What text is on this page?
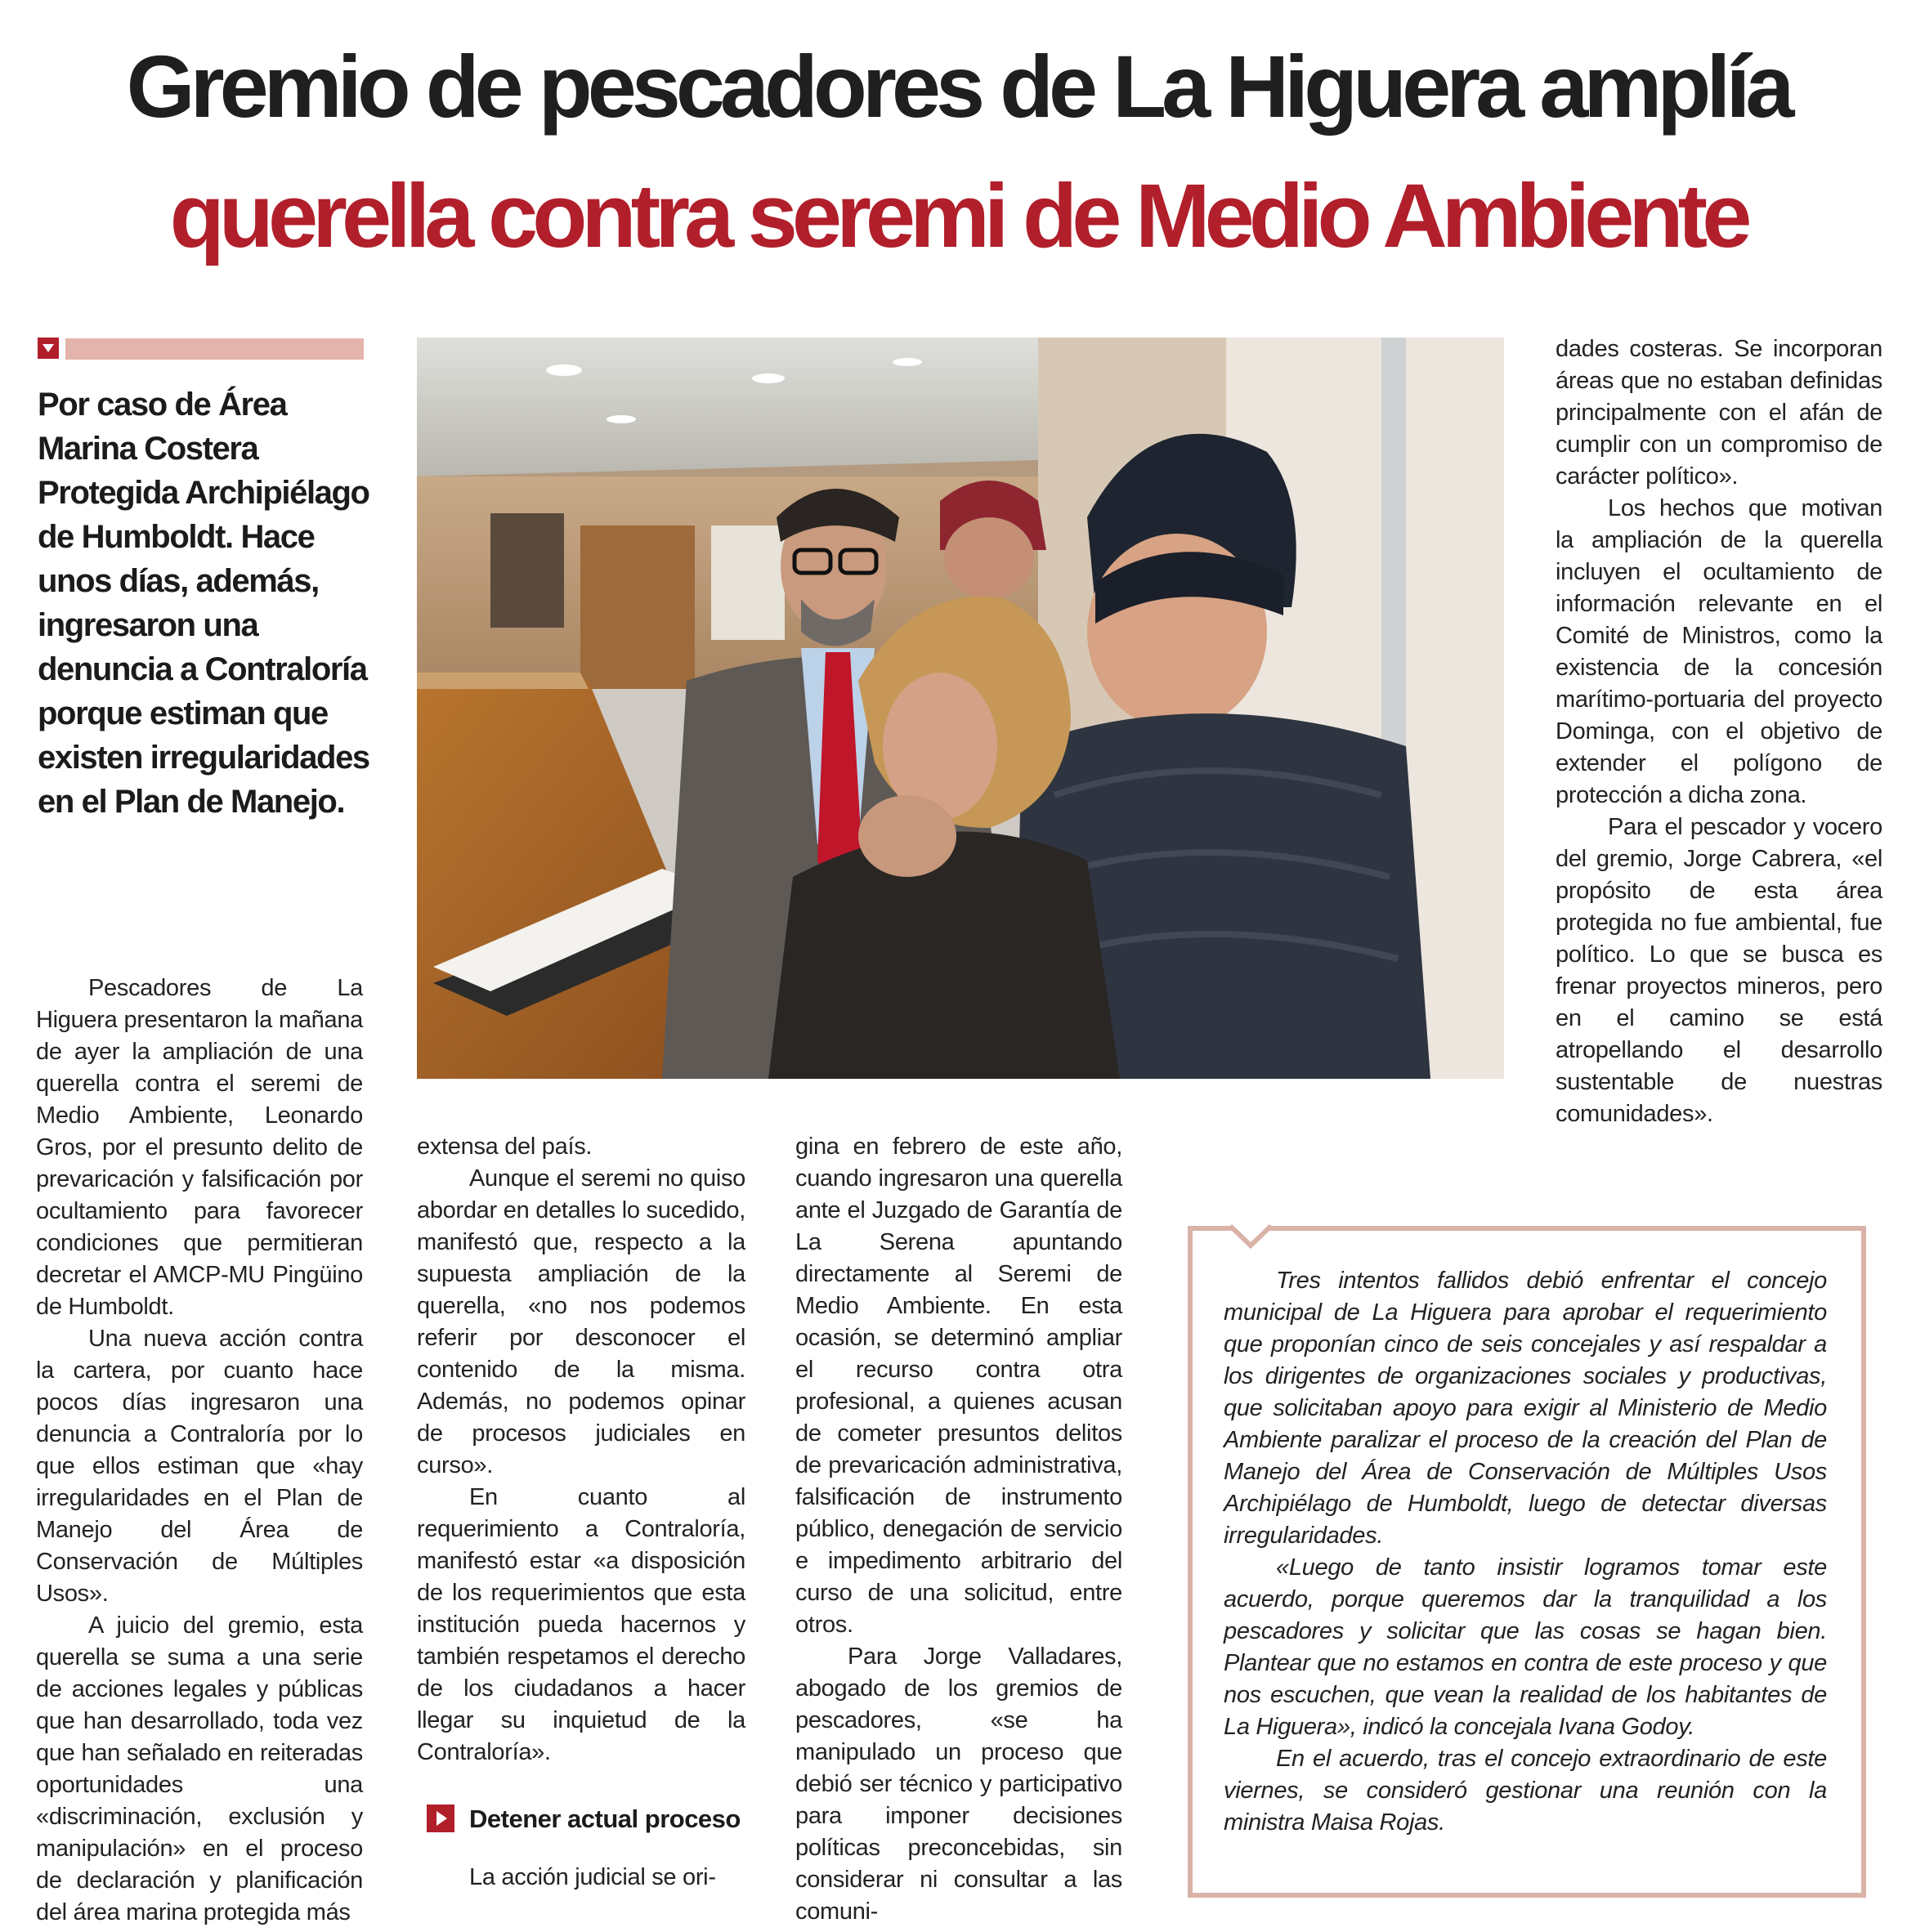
Gremio de pescadores de La Higuera amplía
querella contra seremi de Medio Ambiente

Por caso de Área Marina Costera Protegida Archipiélago de Humboldt. Hace unos días, además, ingresaron una denuncia a Contraloría porque estiman que existen irregularidades en el Plan de Manejo.

Pescadores de La Higuera presentaron la mañana de ayer la ampliación de una querella contra el seremi de Medio Ambiente, Leonardo Gros, por el presunto delito de prevaricación y falsificación por ocultamiento para favorecer condiciones que permitieran decretar el AMCP-MU Pingüino de Humboldt.

Una nueva acción contra la cartera, por cuanto hace pocos días ingresaron una denuncia a Contraloría por lo que ellos estiman que «hay irregularidades en el Plan de Manejo del Área de Conservación de Múltiples Usos».

A juicio del gremio, esta querella se suma a una serie de acciones legales y públicas que han desarrollado, toda vez que han señalado en reiteradas oportunidades una «discriminación, exclusión y manipulación» en el proceso de declaración y planificación del área marina protegida más

extensa del país.

Aunque el seremi no quiso abordar en detalles lo sucedido, manifestó que, respecto a la supuesta ampliación de la querella, «no nos podemos referir por desconocer el contenido de la misma. Además, no podemos opinar de procesos judiciales en curso».

En cuanto al requerimiento a Contraloría, manifestó estar «a disposición de los requerimientos que esta institución pueda hacernos y también respetamos el derecho de los ciudadanos a hacer llegar su inquietud de la Contraloría».

Detener actual proceso

La acción judicial se ori-

gina en febrero de este año, cuando ingresaron una querella ante el Juzgado de Garantía de La Serena apuntando directamente al Seremi de Medio Ambiente. En esta ocasión, se determinó ampliar el recurso contra otra profesional, a quienes acusan de cometer presuntos delitos de prevaricación administrativa, falsificación de instrumento público, denegación de servicio e impedimento arbitrario del curso de una solicitud, entre otros.

Para Jorge Valladares, abogado de los gremios de pescadores, «se ha manipulado un proceso que debió ser técnico y participativo para imponer decisiones políticas preconcebidas, sin considerar ni consultar a las comuni-

dades costeras. Se incorporan áreas que no estaban definidas principalmente con el afán de cumplir con un compromiso de carácter político».

Los hechos que motivan la ampliación de la querella incluyen el ocultamiento de información relevante en el Comité de Ministros, como la existencia de la concesión marítimo-portuaria del proyecto Dominga, con el objetivo de extender el polígono de protección a dicha zona.

Para el pescador y vocero del gremio, Jorge Cabrera, «el propósito de esta área protegida no fue ambiental, fue político. Lo que se busca es frenar proyectos mineros, pero en el camino se está atropellando el desarrollo sustentable de nuestras comunidades».

Tres intentos fallidos debió enfrentar el concejo municipal de La Higuera para aprobar el requerimiento que proponían cinco de seis concejales y así respaldar a los dirigentes de organizaciones sociales y productivas, que solicitaban apoyo para exigir al Ministerio de Medio Ambiente paralizar el proceso de la creación del Plan de Manejo del Área de Conservación de Múltiples Usos Archipiélago de Humboldt, luego de detectar diversas irregularidades.

«Luego de tanto insistir logramos tomar este acuerdo, porque queremos dar la tranquilidad a los pescadores y solicitar que las cosas se hagan bien. Plantear que no estamos en contra de este proceso y que nos escuchen, que vean la realidad de los habitantes de La Higuera», indicó la concejala Ivana Godoy.

En el acuerdo, tras el concejo extraordinario de este viernes, se consideró gestionar una reunión con la ministra Maisa Rojas.
